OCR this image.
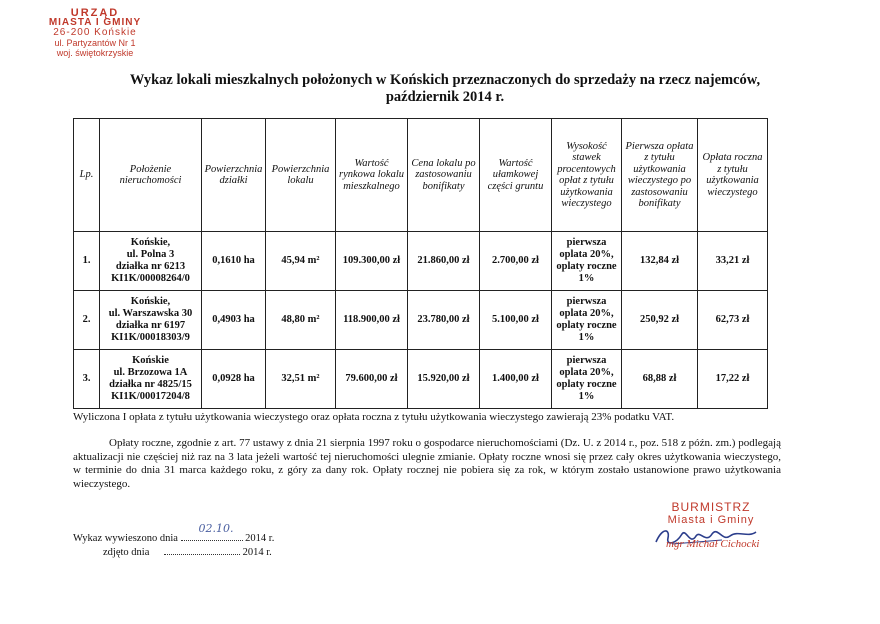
URZĄD
MIASTA I GMINY
26-200 Końskie
ul. Partyzantów Nr 1
woj. świętokrzyskie
Wykaz lokali mieszkalnych położonych w Końskich przeznaczonych do sprzedaży na rzecz najemców,
październik 2014 r.
Lp.	Położenie nieruchomości	Powierzchnia działki	Powierzchnia lokalu	Wartość rynkowa lokalu mieszkalnego	Cena lokalu po zastosowaniu bonifikaty	Wartość ułamkowej części gruntu	Wysokość stawek procentowych opłat z tytułu użytkowania wieczystego	Pierwsza opłata z tytułu użytkowania wieczystego po zastosowaniu bonifikaty	Opłata roczna z tytułu użytkowania wieczystego
1.	Końskie,
ul. Polna 3
działka nr 6213
KI1K/00008264/0	0,1610 ha	45,94 m²	109.300,00 zł	21.860,00 zł	2.700,00 zł	pierwsza
oplata 20%,
oplaty roczne
1%	132,84 zł	33,21 zł
2.	Końskie,
ul. Warszawska 30
działka nr 6197
KI1K/00018303/9	0,4903 ha	48,80 m²	118.900,00 zł	23.780,00 zł	5.100,00 zł	pierwsza
oplata 20%,
oplaty roczne
1%	250,92 zł	62,73 zł
3.	Końskie
ul. Brzozowa 1A
działka nr 4825/15
KI1K/00017204/8	0,0928 ha	32,51 m²	79.600,00 zł	15.920,00 zł	1.400,00 zł	pierwsza
oplata 20%,
oplaty roczne
1%	68,88 zł	17,22 zł
Wyliczona I opłata z tytułu użytkowania wieczystego oraz opłata roczna z tytułu użytkowania wieczystego zawierają 23% podatku VAT.
Opłaty roczne, zgodnie z art. 77 ustawy z dnia 21 sierpnia 1997 roku o gospodarce nieruchomościami (Dz. U. z 2014 r., poz. 518 z późn. zm.) podlegają aktualizacji nie częściej niż raz na 3 lata jeżeli wartość tej nieruchomości ulegnie zmianie. Opłaty roczne wnosi się przez cały okres użytkowania wieczystego, w terminie do dnia 31 marca każdego roku, z góry za dany rok. Opłaty rocznej nie pobiera się za rok, w którym zostało ustanowione prawo użytkowania wieczystego.
Wykaz wywieszono dnia
02.10.
2014 r.
zdjęto dnia	2014 r.
BURMISTRZ
Miasta i Gminy
mgr Michał Cichocki
